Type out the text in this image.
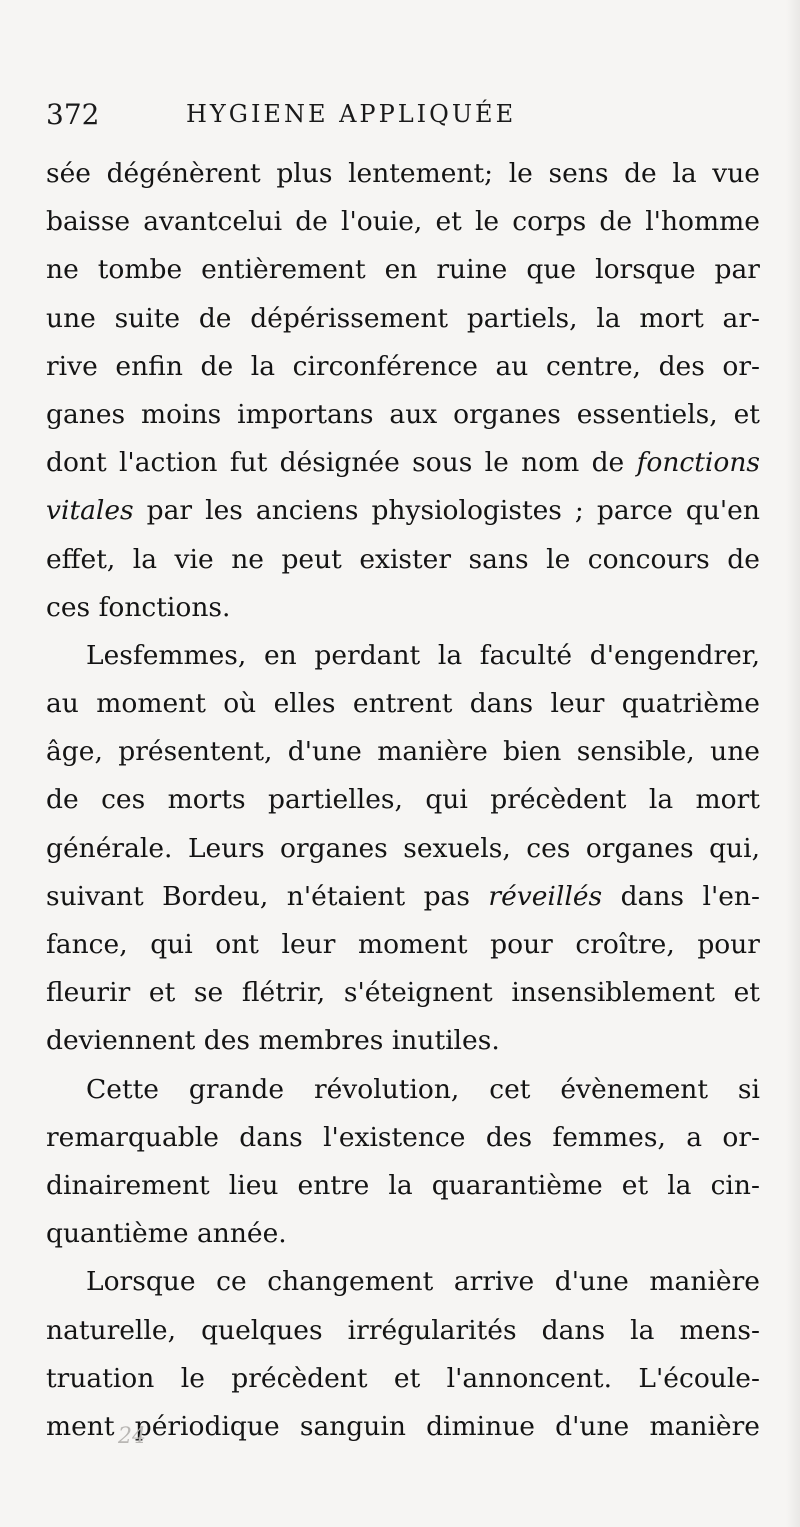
372	HYGIENE APPLIQUÉE
sée dégénèrent plus lentement; le sens de la vue
baisse avantcelui de l'ouie, et le corps de l'homme
ne tombe entièrement en ruine que lorsque par
une suite de dépérissement partiels, la mort ar-
rive enfin de la circonférence au centre, des or-
ganes moins importans aux organes essentiels, et
dont l'action fut désignée sous le nom de fonctions
vitales par les anciens physiologistes ; parce qu'en
effet, la vie ne peut exister sans le concours de
ces fonctions.
Lesfemmes, en perdant la faculté d'engendrer,
au moment où elles entrent dans leur quatrième
âge, présentent, d'une manière bien sensible, une
de ces morts partielles, qui précèdent la mort
générale. Leurs organes sexuels, ces organes qui,
suivant Bordeu, n'étaient pas réveillés dans l'en-
fance, qui ont leur moment pour croître, pour
fleurir et se flétrir, s'éteignent insensiblement et
deviennent des membres inutiles.
Cette grande révolution, cet évènement si
remarquable dans l'existence des femmes, a or-
dinairement lieu entre la quarantième et la cin-
quantième année.
Lorsque ce changement arrive d'une manière
naturelle, quelques irrégularités dans la mens-
truation le précèdent et l'annoncent. L'écoule-
ment périodique sanguin diminue d'une manière
24
